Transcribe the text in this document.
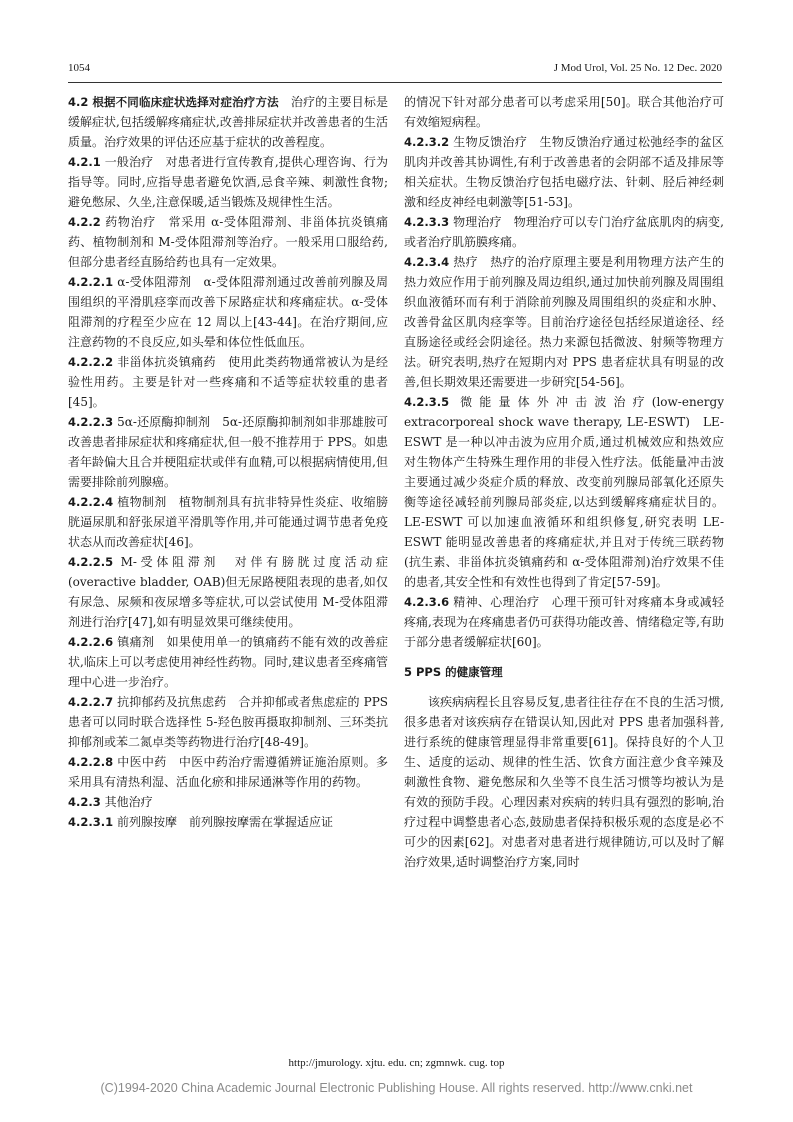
1054	J Mod Urol, Vol. 25 No. 12 Dec. 2020

4.2 根据不同临床症状选择对症治疗方法　 治疗的主要目标是缓解症状,包括缓解疼痛症状,改善排尿症状并改善患者的生活质量。治疗效果的评估还应基于症状的改善程度。

4.2.1 一般治疗　 对患者进行宣传教育,提供心理咨询、行为指导等。同时,应指导患者避免饮酒,忌食辛辣、刺激性食物;避免憋尿、久坐,注意保暖,适当锻炼及规律性生活。

4.2.2 药物治疗　 常采用 α-受体阻滞剂、非甾体抗炎镇痛药、植物制剂和 M-受体阻滞剂等治疗。一般采用口服给药,但部分患者经直肠给药也具有一定效果。

4.2.2.1 α-受体阻滞剂　 α-受体阻滞剂通过改善前列腺及周围组织的平滑肌痉挛而改善下尿路症状和疼痛症状。α-受体阻滞剂的疗程至少应在 12 周以上[43-44]。在治疗期间,应注意药物的不良反应,如头晕和体位性低血压。

4.2.2.2 非甾体抗炎镇痛药　 使用此类药物通常被认为是经验性用药。主要是针对一些疼痛和不适等症状较重的患者[45]。

4.2.2.3 5α-还原酶抑制剂　 5α-还原酶抑制剂如非那雄胺可改善患者排尿症状和疼痛症状,但一般不推荐用于 PPS。如患者年龄偏大且合并梗阻症状或伴有血精,可以根据病情使用,但需要排除前列腺癌。

4.2.2.4 植物制剂　 植物制剂具有抗非特异性炎症、收缩膀胱逼尿肌和舒张尿道平滑肌等作用,并可能通过调节患者免疫状态从而改善症状[46]。

4.2.2.5 M-受体阻滞剂　 对伴有膀胱过度活动症(overactive bladder, OAB)但无尿路梗阻表现的患者,如仅有尿急、尿频和夜尿增多等症状,可以尝试使用 M-受体阻滞剂进行治疗[47],如有明显效果可继续使用。

4.2.2.6 镇痛剂　 如果使用单一的镇痛药不能有效的改善症状,临床上可以考虑使用神经性药物。同时,建议患者至疼痛管理中心进一步治疗。

4.2.2.7 抗抑郁药及抗焦虑药　 合并抑郁或者焦虑症的 PPS 患者可以同时联合选择性 5-羟色胺再摄取抑制剂、三环类抗抑郁剂或苯二氮卓类等药物进行治疗[48-49]。

4.2.2.8 中医中药　 中医中药治疗需遵循辨证施治原则。多采用具有清热利湿、活血化瘀和排尿通淋等作用的药物。

4.2.3 其他治疗

4.2.3.1 前列腺按摩　 前列腺按摩需在掌握适应证

的情况下针对部分患者可以考虑采用[50]。联合其他治疗可有效缩短病程。

4.2.3.2 生物反馈治疗　 生物反馈治疗通过松弛经李的盆区肌肉并改善其协调性,有利于改善患者的会阴部不适及排尿等相关症状。生物反馈治疗包括电磁疗法、针刺、胫后神经刺激和经皮神经电刺激等[51-53]。

4.2.3.3 物理治疗　 物理治疗可以专门治疗盆底肌肉的病变,或者治疗肌筋膜疼痛。

4.2.3.4 热疗　 热疗的治疗原理主要是利用物理方法产生的热力效应作用于前列腺及周边组织,通过加快前列腺及周围组织血液循环而有利于消除前列腺及周围组织的炎症和水肿、改善骨盆区肌肉痉挛等。目前治疗途径包括经尿道途径、经直肠途径或经会阴途径。热力来源包括微波、射频等物理方法。研究表明,热疗在短期内对 PPS 患者症状具有明显的改善,但长期效果还需要进一步研究[54-56]。

4.2.3.5 微能量体外冲击波治疗(low-energy extracorporeal shock wave therapy, LE-ESWT)　 LE-ESWT 是一种以冲击波为应用介质,通过机械效应和热效应对生物体产生特殊生理作用的非侵入性疗法。低能量冲击波主要通过减少炎症介质的释放、改变前列腺局部氧化还原失衡等途径减轻前列腺局部炎症,以达到缓解疼痛症状目的。LE-ESWT 可以加速血液循环和组织修复,研究表明 LE-ESWT 能明显改善患者的疼痛症状,并且对于传统三联药物(抗生素、非甾体抗炎镇痛药和 α-受体阻滞剂)治疗效果不佳的患者,其安全性和有效性也得到了肯定[57-59]。

4.2.3.6 精神、心理治疗　 心理干预可针对疼痛本身或减轻疼痛,表现为在疼痛患者仍可获得功能改善、情绪稳定等,有助于部分患者缓解症状[60]。

5 PPS 的健康管理

该疾病病程长且容易反复,患者往往存在不良的生活习惯,很多患者对该疾病存在错误认知,因此对 PPS 患者加强科普,进行系统的健康管理显得非常重要[61]。保持良好的个人卫生、适度的运动、规律的性生活、饮食方面注意少食辛辣及刺激性食物、避免憋尿和久坐等不良生活习惯等均被认为是有效的预防手段。心理因素对疾病的转归具有强烈的影响,治疗过程中调整患者心态,鼓励患者保持积极乐观的态度是必不可少的因素[62]。对患者对患者进行规律随访,可以及时了解治疗效果,适时调整治疗方案,同时

http://jmurology. xjtu. edu. cn; zgmnwk. cug. top
(C)1994-2020 China Academic Journal Electronic Publishing House. All rights reserved. http://www.cnki.net
